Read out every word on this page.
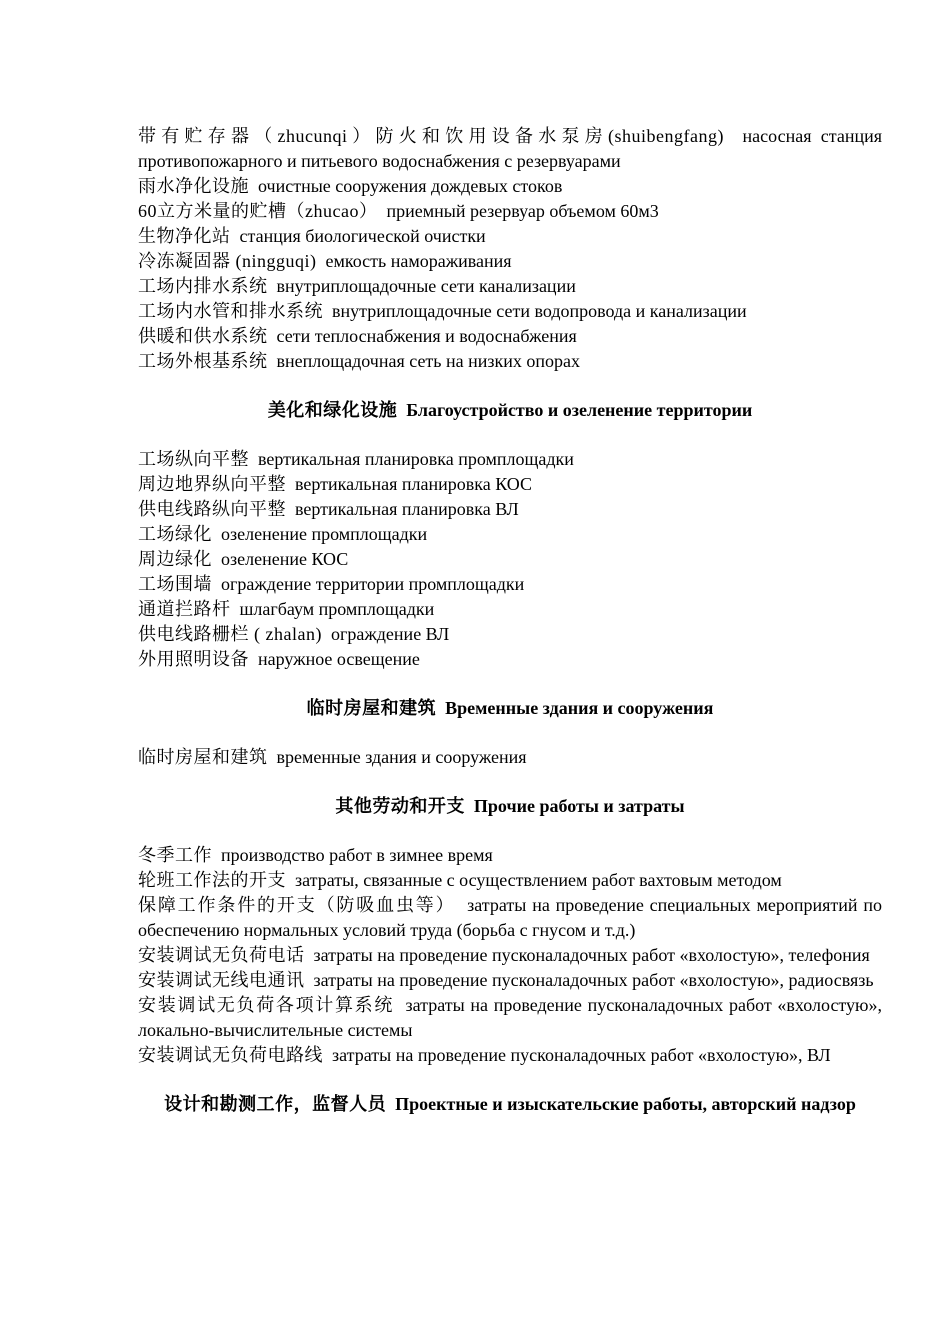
带有贮存器（zhucunqi）防火和饮用设备水泵房(shuibengfang) насосная станция противопожарного и питьевого водоснабжения с резервуарами

雨水净化设施 очистные сооружения дождевых стоков

60立方米量的贮槽（zhucao） приемный резервуар объемом 60м3

生物净化站 станция биологической очистки

冷冻凝固器 (ningguqi) емкость намораживания

工场内排水系统 внутриплощадочные сети канализации

工场内水管和排水系统 внутриплощадочные сети водопровода и канализации

供暖和供水系统 сети теплоснабжения и водоснабжения

工场外根基系统 внеплощадочная сеть на низких опорах

美化和绿化设施 Благоустройство и озеленение территории

工场纵向平整 вертикальная планировка промплощадки

周边地界纵向平整 вертикальная планировка КОС

供电线路纵向平整 вертикальная планировка ВЛ

工场绿化 озеленение промплощадки

周边绿化 озеленение КОС

工场围墙 ограждение территории промплощадки

通道拦路杆 шлагбаум промплощадки

供电线路栅栏 ( zhalan) ограждение ВЛ

外用照明设备 наружное освещение

临时房屋和建筑 Временные здания и сооружения

临时房屋和建筑 временные здания и сооружения

其他劳动和开支 Прочие работы и затраты

冬季工作 производство работ в зимнее время

轮班工作法的开支 затраты, связанные с осуществлением работ вахтовым методом

保障工作条件的开支（防吸血虫等） затраты на проведение специальных мероприятий по обеспечению нормальных условий труда (борьба с гнусом и т.д.)

安装调试无负荷电话 затраты на проведение пусконаладочных работ «вхолостую», телефония

安装调试无线电通讯 затраты на проведение пусконаладочных работ «вхолостую», радиосвязь

安装调试无负荷各项计算系统 затраты на проведение пусконаладочных работ «вхолостую», локально-вычислительные системы

安装调试无负荷电路线 затраты на проведение пусконаладочных работ «вхолостую», ВЛ

设计和勘测工作，监督人员 Проектные и изыскательские работы, авторский надзор
